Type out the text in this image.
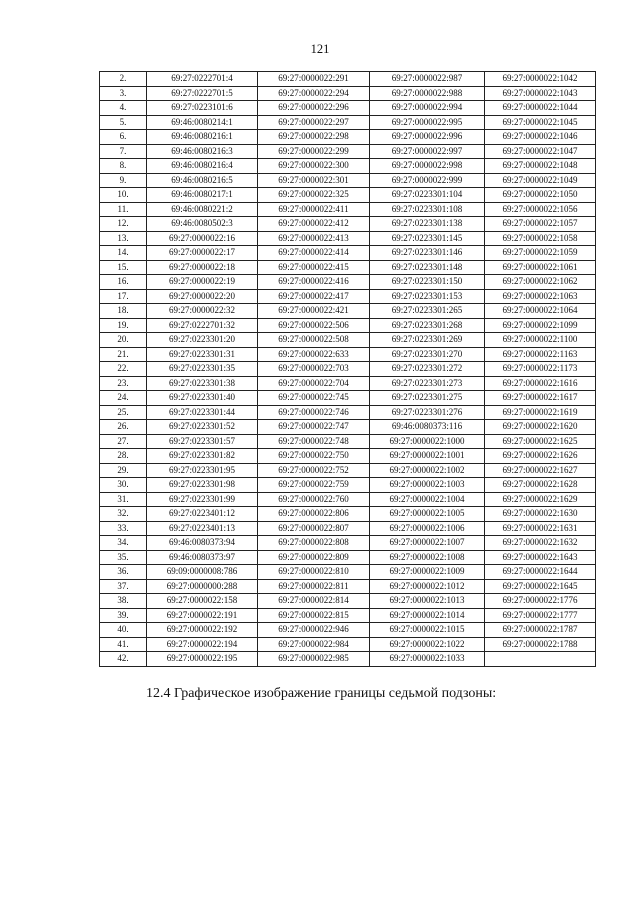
121
2.	69:27:0222701:4	69:27:0000022:291	69:27:0000022:987	69:27:0000022:1042
3.	69:27:0222701:5	69:27:0000022:294	69:27:0000022:988	69:27:0000022:1043
4.	69:27:0223101:6	69:27:0000022:296	69:27:0000022:994	69:27:0000022:1044
5.	69:46:0080214:1	69:27:0000022:297	69:27:0000022:995	69:27:0000022:1045
6.	69:46:0080216:1	69:27:0000022:298	69:27:0000022:996	69:27:0000022:1046
7.	69:46:0080216:3	69:27:0000022:299	69:27:0000022:997	69:27:0000022:1047
8.	69:46:0080216:4	69:27:0000022:300	69:27:0000022:998	69:27:0000022:1048
9.	69:46:0080216:5	69:27:0000022:301	69:27:0000022:999	69:27:0000022:1049
10.	69:46:0080217:1	69:27:0000022:325	69:27:0223301:104	69:27:0000022:1050
11.	69:46:0080221:2	69:27:0000022:411	69:27:0223301:108	69:27:0000022:1056
12.	69:46:0080502:3	69:27:0000022:412	69:27:0223301:138	69:27:0000022:1057
13.	69:27:0000022:16	69:27:0000022:413	69:27:0223301:145	69:27:0000022:1058
14.	69:27:0000022:17	69:27:0000022:414	69:27:0223301:146	69:27:0000022:1059
15.	69:27:0000022:18	69:27:0000022:415	69:27:0223301:148	69:27:0000022:1061
16.	69:27:0000022:19	69:27:0000022:416	69:27:0223301:150	69:27:0000022:1062
17.	69:27:0000022:20	69:27:0000022:417	69:27:0223301:153	69:27:0000022:1063
18.	69:27:0000022:32	69:27:0000022:421	69:27:0223301:265	69:27:0000022:1064
19.	69:27:0222701:32	69:27:0000022:506	69:27:0223301:268	69:27:0000022:1099
20.	69:27:0223301:20	69:27:0000022:508	69:27:0223301:269	69:27:0000022:1100
21.	69:27:0223301:31	69:27:0000022:633	69:27:0223301:270	69:27:0000022:1163
22.	69:27:0223301:35	69:27:0000022:703	69:27:0223301:272	69:27:0000022:1173
23.	69:27:0223301:38	69:27:0000022:704	69:27:0223301:273	69:27:0000022:1616
24.	69:27:0223301:40	69:27:0000022:745	69:27:0223301:275	69:27:0000022:1617
25.	69:27:0223301:44	69:27:0000022:746	69:27:0223301:276	69:27:0000022:1619
26.	69:27:0223301:52	69:27:0000022:747	69:46:0080373:116	69:27:0000022:1620
27.	69:27:0223301:57	69:27:0000022:748	69:27:0000022:1000	69:27:0000022:1625
28.	69:27:0223301:82	69:27:0000022:750	69:27:0000022:1001	69:27:0000022:1626
29.	69:27:0223301:95	69:27:0000022:752	69:27:0000022:1002	69:27:0000022:1627
30.	69:27:0223301:98	69:27:0000022:759	69:27:0000022:1003	69:27:0000022:1628
31.	69:27:0223301:99	69:27:0000022:760	69:27:0000022:1004	69:27:0000022:1629
32.	69:27:0223401:12	69:27:0000022:806	69:27:0000022:1005	69:27:0000022:1630
33.	69:27:0223401:13	69:27:0000022:807	69:27:0000022:1006	69:27:0000022:1631
34.	69:46:0080373:94	69:27:0000022:808	69:27:0000022:1007	69:27:0000022:1632
35.	69:46:0080373:97	69:27:0000022:809	69:27:0000022:1008	69:27:0000022:1643
36.	69:09:0000008:786	69:27:0000022:810	69:27:0000022:1009	69:27:0000022:1644
37.	69:27:0000000:288	69:27:0000022:811	69:27:0000022:1012	69:27:0000022:1645
38.	69:27:0000022:158	69:27:0000022:814	69:27:0000022:1013	69:27:0000022:1776
39.	69:27:0000022:191	69:27:0000022:815	69:27:0000022:1014	69:27:0000022:1777
40.	69:27:0000022:192	69:27:0000022:946	69:27:0000022:1015	69:27:0000022:1787
41.	69:27:0000022:194	69:27:0000022:984	69:27:0000022:1022	69:27:0000022:1788
42.	69:27:0000022:195	69:27:0000022:985	69:27:0000022:1033	
12.4 Графическое изображение границы седьмой подзоны:
